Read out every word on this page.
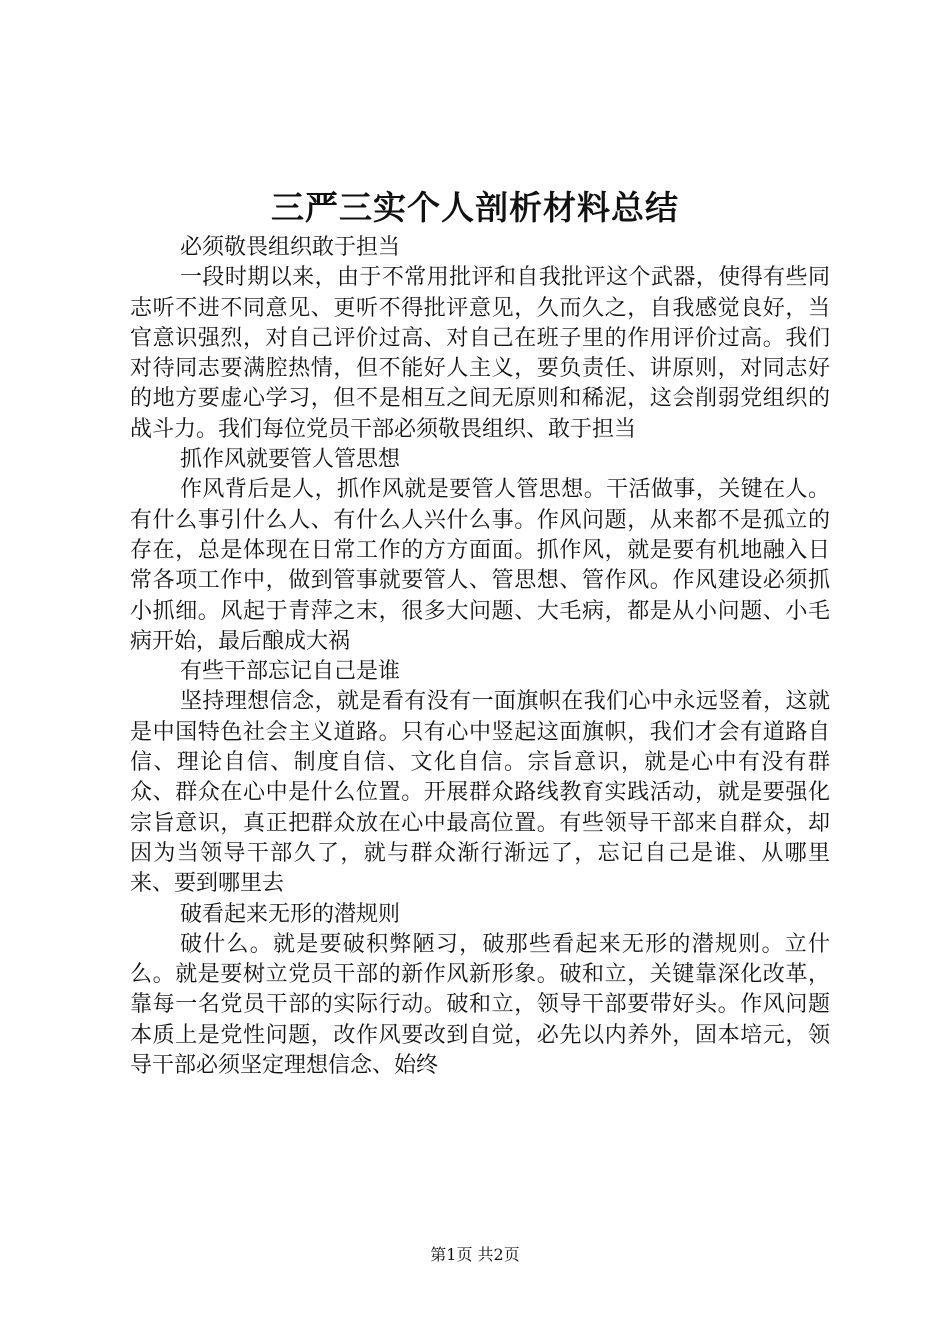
三严三实个人剖析材料总结

必须敬畏组织敢于担当

一段时期以来，由于不常用批评和自我批评这个武器，使得有些同志听不进不同意见、更听不得批评意见，久而久之，自我感觉良好，当官意识强烈，对自己评价过高、对自己在班子里的作用评价过高。我们对待同志要满腔热情，但不能好人主义，要负责任、讲原则，对同志好的地方要虚心学习，但不是相互之间无原则和稀泥，这会削弱党组织的战斗力。我们每位党员干部必须敬畏组织、敢于担当

抓作风就要管人管思想

作风背后是人，抓作风就是要管人管思想。干活做事，关键在人。有什么事引什么人、有什么人兴什么事。作风问题，从来都不是孤立的存在，总是体现在日常工作的方方面面。抓作风，就是要有机地融入日常各项工作中，做到管事就要管人、管思想、管作风。作风建设必须抓小抓细。风起于青萍之末，很多大问题、大毛病，都是从小问题、小毛病开始，最后酿成大祸

有些干部忘记自己是谁

坚持理想信念，就是看有没有一面旗帜在我们心中永远竖着，这就是中国特色社会主义道路。只有心中竖起这面旗帜，我们才会有道路自信、理论自信、制度自信、文化自信。宗旨意识，就是心中有没有群众、群众在心中是什么位置。开展群众路线教育实践活动，就是要强化宗旨意识，真正把群众放在心中最高位置。有些领导干部来自群众，却因为当领导干部久了，就与群众渐行渐远了，忘记自己是谁、从哪里来、要到哪里去

破看起来无形的潜规则

破什么。就是要破积弊陋习，破那些看起来无形的潜规则。立什么。就是要树立党员干部的新作风新形象。破和立，关键靠深化改革，靠每一名党员干部的实际行动。破和立，领导干部要带好头。作风问题本质上是党性问题，改作风要改到自觉，必先以内养外，固本培元，领导干部必须坚定理想信念、始终

第1页 共2页
